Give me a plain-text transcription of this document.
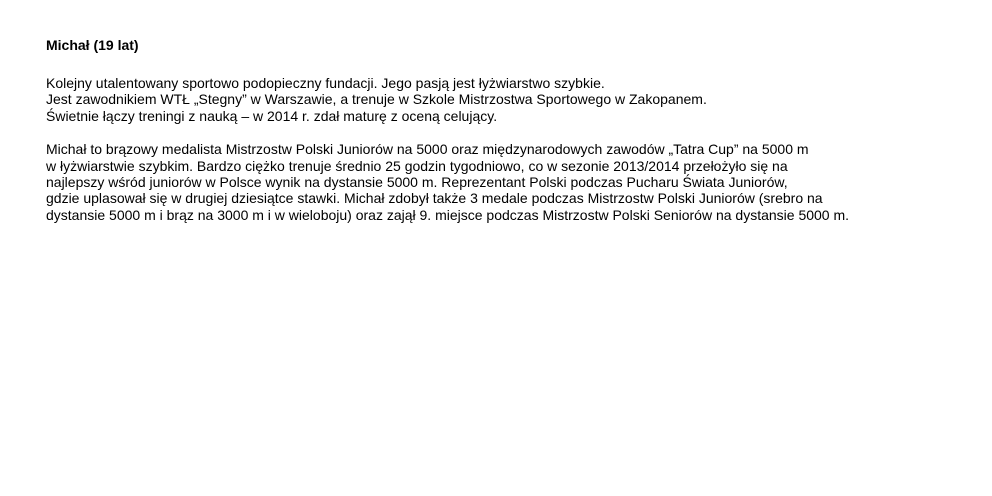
Michał (19 lat)
Kolejny utalentowany sportowo podopieczny fundacji. Jego pasją jest łyżwiarstwo szybkie.
Jest zawodnikiem WTŁ „Stegny” w Warszawie, a trenuje w Szkole Mistrzostwa Sportowego w Zakopanem.
Świetnie łączy treningi z nauką – w 2014 r. zdał maturę z oceną celujący.
Michał to brązowy medalista Mistrzostw Polski Juniorów na 5000 oraz międzynarodowych zawodów „Tatra Cup” na 5000 m
w łyżwiarstwie szybkim. Bardzo ciężko trenuje średnio 25 godzin tygodniowo, co w sezonie 2013/2014 przełożyło się na
najlepszy wśród juniorów w Polsce wynik na dystansie 5000 m. Reprezentant Polski podczas Pucharu Świata Juniorów,
gdzie uplasował się w drugiej dziesiątce stawki. Michał zdobył także 3 medale podczas Mistrzostw Polski Juniorów (srebro na
dystansie 5000 m i brąz na 3000 m i w wieloboju) oraz zajął 9. miejsce podczas Mistrzostw Polski Seniorów na dystansie 5000 m.
